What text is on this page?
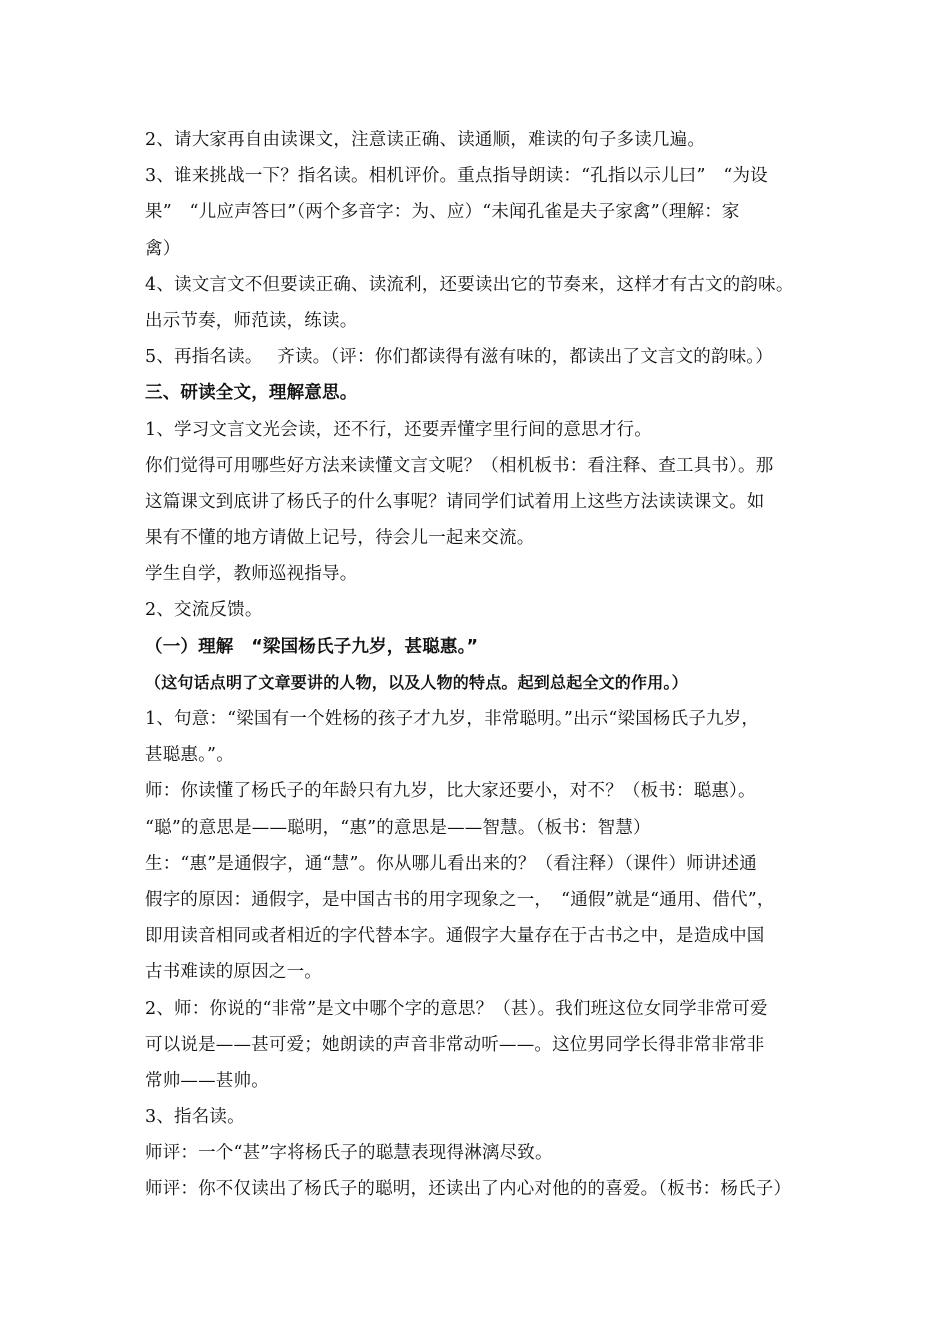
2、请大家再自由读课文，注意读正确、读通顺，难读的句子多读几遍。
3、谁来挑战一下？指名读。相机评价。重点指导朗读：“孔指以示儿曰”　“为设
果”　“儿应声答曰”（两个多音字：为、应）“未闻孔雀是夫子家禽”（理解：家
禽）
4、读文言文不但要读正确、读流利，还要读出它的节奏来，这样才有古文的韵味。
出示节奏，师范读，练读。
5、再指名读。　 齐读。（评：你们都读得有滋有味的，都读出了文言文的韵味。）
三、研读全文，理解意思。
1、学习文言文光会读，还不行，还要弄懂字里行间的意思才行。
你们觉得可用哪些好方法来读懂文言文呢？（相机板书：看注释、查工具书）。那
这篇课文到底讲了杨氏子的什么事呢？请同学们试着用上这些方法读读课文。如
果有不懂的地方请做上记号，待会儿一起来交流。
学生自学，教师巡视指导。
2、交流反馈。
（一）理解　“梁国杨氏子九岁，甚聪惠。”
（这句话点明了文章要讲的人物，以及人物的特点。起到总起全文的作用。）
1、句意：“梁国有一个姓杨的孩子才九岁，非常聪明。”出示“梁国杨氏子九岁，
甚聪惠。”。
师：你读懂了杨氏子的年龄只有九岁，比大家还要小，对不？（板书：聪惠）。
“聪”的意思是——聪明，“惠”的意思是——智慧。（板书：智慧）
生：“惠”是通假字，通“慧”。你从哪儿看出来的？（看注释）（课件）师讲述通
假字的原因：通假字，是中国古书的用字现象之一，　“通假”就是“通用、借代”，
即用读音相同或者相近的字代替本字。通假字大量存在于古书之中，是造成中国
古书难读的原因之一。
2、师：你说的“非常”是文中哪个字的意思？（甚）。我们班这位女同学非常可爱
可以说是——甚可爱；她朗读的声音非常动听——。这位男同学长得非常非常非
常帅——甚帅。
3、指名读。
师评：一个“甚”字将杨氏子的聪慧表现得淋漓尽致。
师评：你不仅读出了杨氏子的聪明，还读出了内心对他的的喜爱。（板书：杨氏子）
